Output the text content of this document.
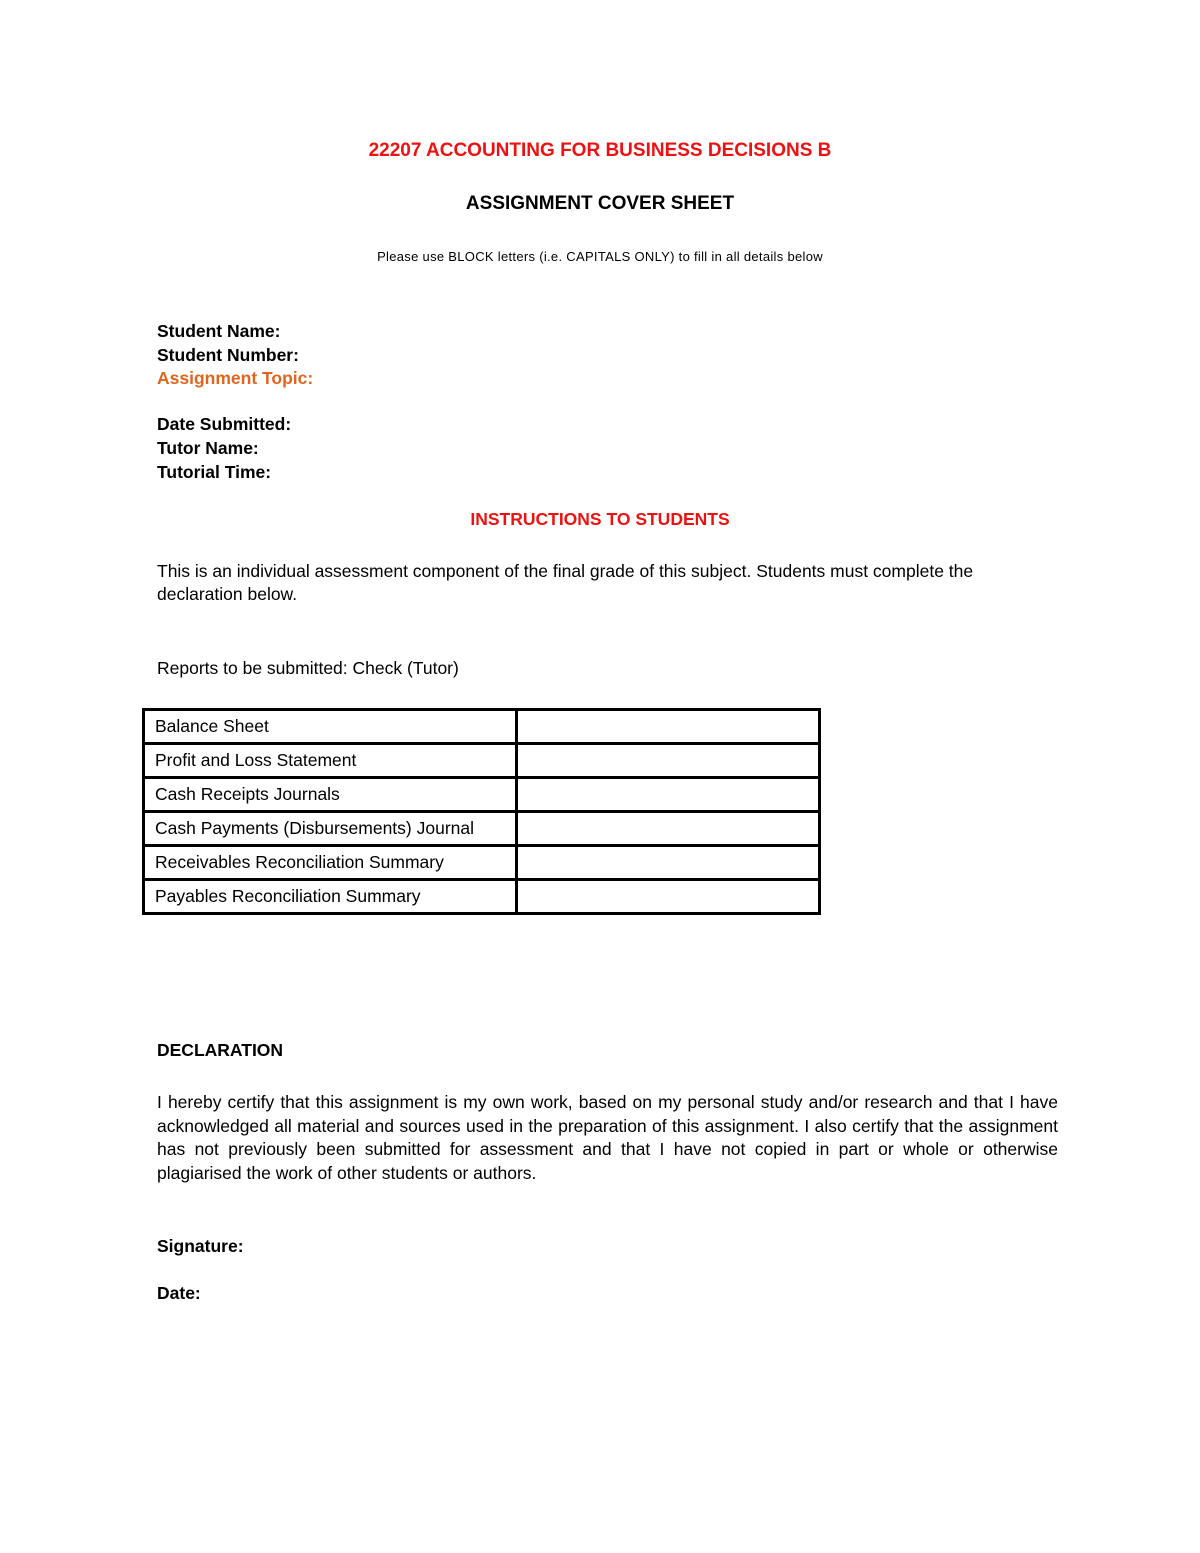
22207 ACCOUNTING FOR BUSINESS DECISIONS B
ASSIGNMENT COVER SHEET
Please use BLOCK letters (i.e. CAPITALS ONLY) to fill in all details below
Student Name:
Student Number:
Assignment Topic:
Date Submitted:
Tutor Name:
Tutorial Time:
INSTRUCTIONS TO STUDENTS
This is an individual assessment component of the final grade of this subject. Students must complete the declaration below.
Reports to be submitted: Check (Tutor)
Balance Sheet	
Profit and Loss Statement	
Cash Receipts Journals	
Cash Payments (Disbursements) Journal	
Receivables Reconciliation Summary	
Payables Reconciliation Summary	
DECLARATION
I hereby certify that this assignment is my own work, based on my personal study and/or research and that I have acknowledged all material and sources used in the preparation of this assignment. I also certify that the assignment has not previously been submitted for assessment and that I have not copied in part or whole or otherwise plagiarised the work of other students or authors.
Signature:
Date:
